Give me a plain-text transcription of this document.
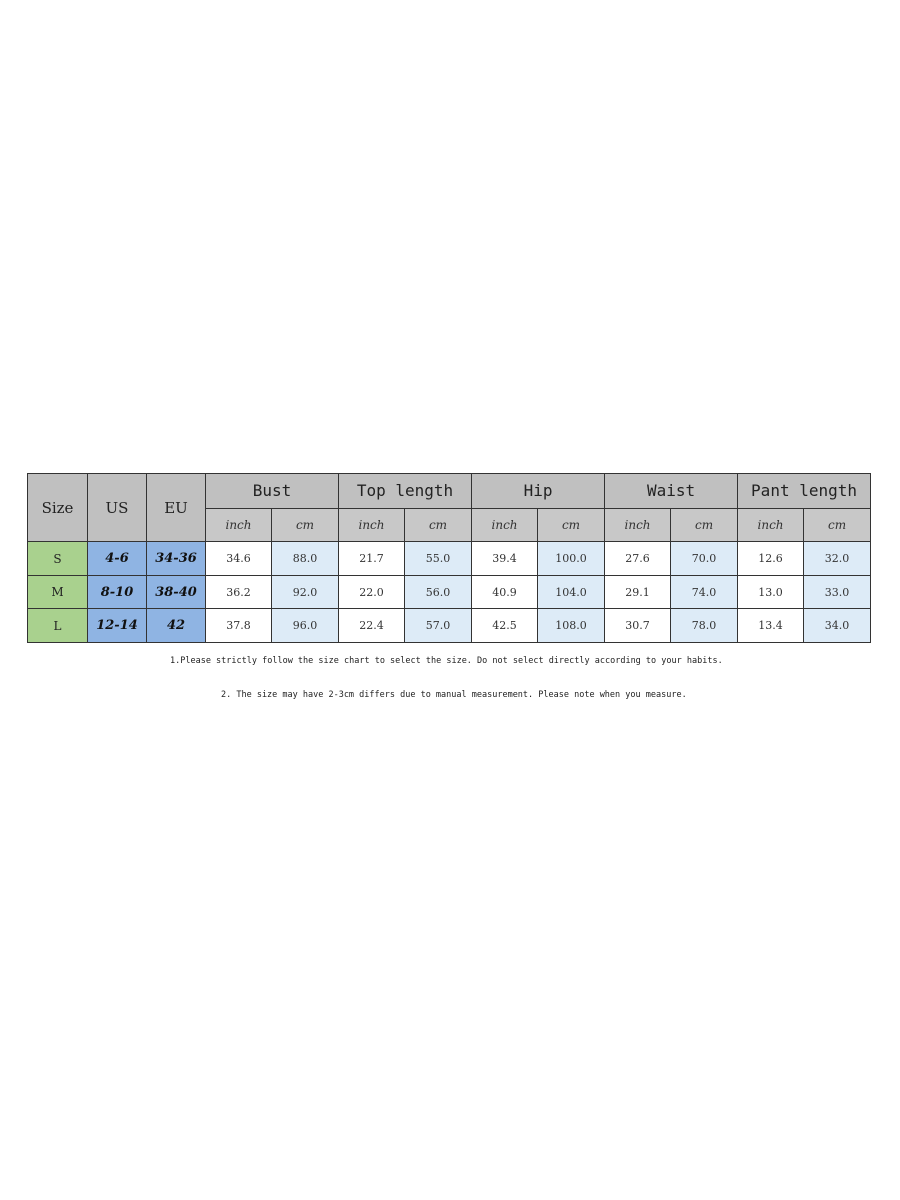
Size	US	EU	Bust		Top length		Hip		Waist		Pant length	
			inch	cm	inch	cm	inch	cm	inch	cm	inch	cm
S	4-6	34-36	34.6	88.0	21.7	55.0	39.4	100.0	27.6	70.0	12.6	32.0
M	8-10	38-40	36.2	92.0	22.0	56.0	40.9	104.0	29.1	74.0	13.0	33.0
L	12-14	42	37.8	96.0	22.4	57.0	42.5	108.0	30.7	78.0	13.4	34.0

1.Please strictly follow the size chart to select the size. Do not select directly according to your habits.

2. The size may have 2-3cm differs due to manual measurement. Please note when you measure.
